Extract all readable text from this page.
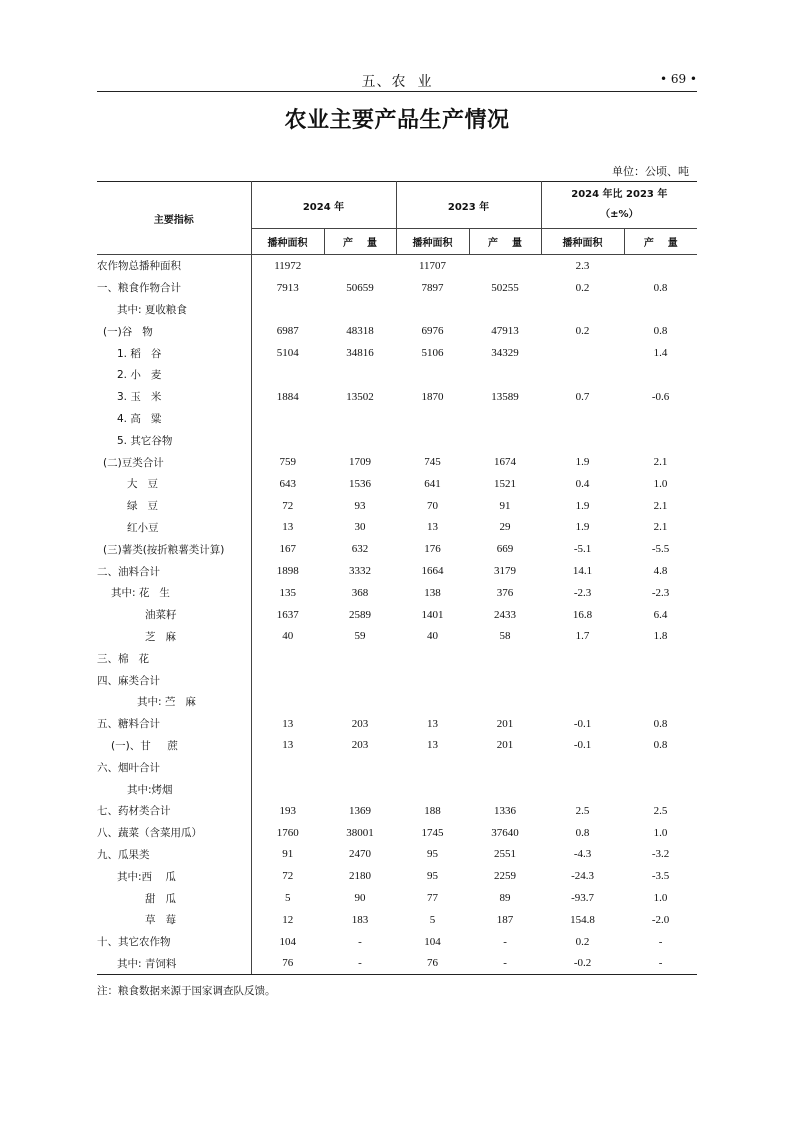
五、农  业	• 69 •
农业主要产品生产情况
单位：公顷、吨
主要指标	2024 年		2023 年		2024 年比 2023 年
（±%）	

	播种面积	产    量	播种面积	产    量	播种面积	产    量
农作物总播种面积	11972		11707		2.3	
一、粮食作物合计	7913	50659	7897	50255	0.2	0.8
其中: 夏收粮食						
(一)谷   物	6987	48318	6976	47913	0.2	0.8
1. 稻   谷	5104	34816	5106	34329		1.4
2. 小   麦						
3. 玉   米	1884	13502	1870	13589	0.7	-0.6
4. 高   粱						
5. 其它谷物						
(二)豆类合计	759	1709	745	1674	1.9	2.1
大   豆	643	1536	641	1521	0.4	1.0
绿   豆	72	93	70	91	1.9	2.1
红小豆	13	30	13	29	1.9	2.1
(三)薯类(按折粮薯类计算)	167	632	176	669	-5.1	-5.5
二、油料合计	1898	3332	1664	3179	14.1	4.8
其中: 花   生	135	368	138	376	-2.3	-2.3
油菜籽	1637	2589	1401	2433	16.8	6.4
芝   麻	40	59	40	58	1.7	1.8
三、棉   花						
四、麻类合计						
其中: 苎   麻						
五、糖料合计	13	203	13	201	-0.1	0.8
(一)、甘     蔗	13	203	13	201	-0.1	0.8
六、烟叶合计						
其中:烤烟						
七、药材类合计	193	1369	188	1336	2.5	2.5
八、蔬菜（含菜用瓜）	1760	38001	1745	37640	0.8	1.0
九、瓜果类	91	2470	95	2551	-4.3	-3.2
其中:西    瓜	72	2180	95	2259	-24.3	-3.5
甜   瓜	5	90	77	89	-93.7	1.0
草   莓	12	183	5	187	154.8	-2.0
十、其它农作物	104	-	104	-	0.2	-
其中: 青饲料	76	-	76	-	-0.2	-
注：粮食数据来源于国家调查队反馈。
